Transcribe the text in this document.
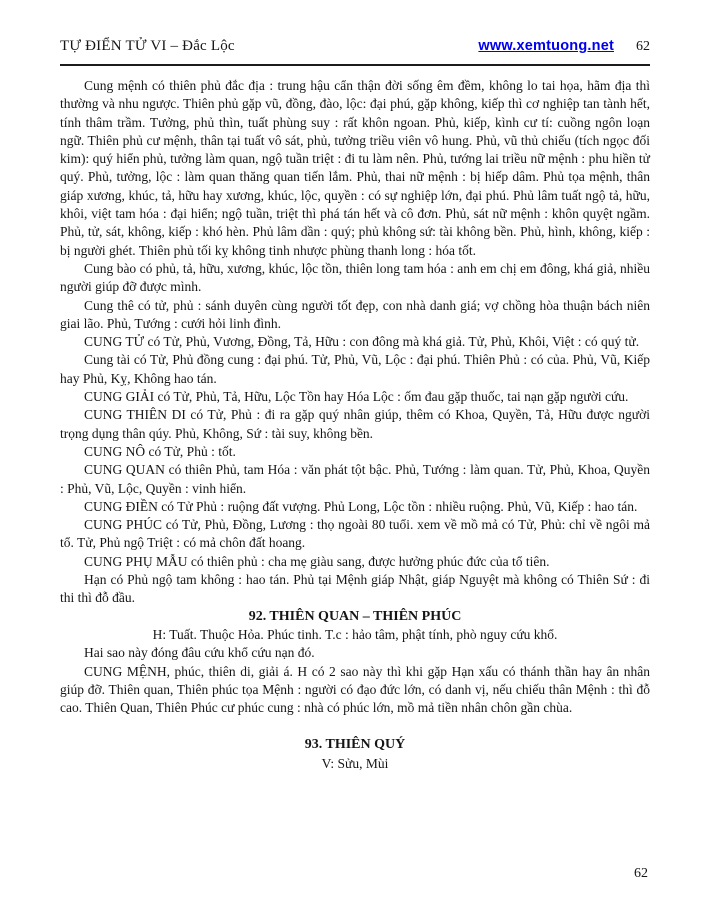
TỰ ĐIỂN TỬ VI – Đắc Lộc	www.xemtuong.net 62

Cung mệnh có thiên phủ đắc địa : trung hậu cẩn thận đời sống êm đềm, không lo tai họa, hãm địa thì thường và nhu ngược. Thiên phủ gặp vũ, đồng, đào, lộc: đại phú, gặp không, kiếp thì cơ nghiệp tan tành hết, tính thâm trầm. Tưởng, phủ thìn, tuất phùng suy : rất khôn ngoan. Phủ, kiếp, kình cư tí: cuồng ngôn loạn ngữ. Thiên phủ cư mệnh, thân tại tuất vô sát, phủ, tưởng triều viên vô hung. Phủ, vũ thủ chiếu (tích ngọc đối kim): quý hiển phủ, tưởng làm quan, ngộ tuần triệt : đi tu làm nên. Phủ, tướng lai triều nữ mệnh : phu hiền tử quý. Phủ, tưởng, lộc : làm quan thăng quan tiến lắm. Phủ, thai nữ mệnh : bị hiếp dâm. Phủ tọa mệnh, thân giáp xương, khúc, tả, hữu hay xương, khúc, lộc, quyền : có sự nghiệp lớn, đại phú. Phủ lâm tuất ngộ tả, hữu, khôi, việt tam hóa : đại hiển; ngộ tuần, triệt thì phá tán hết và cô đơn. Phủ, sát nữ mệnh : khôn quyệt ngầm. Phủ, tử, sát, không, kiếp : khó hèn. Phủ lâm dần : quý; phủ không sứ: tài không bền. Phủ, hình, không, kiếp : bị người ghét. Thiên phủ tối kỵ không tinh nhược phùng thanh long : hóa tốt.

Cung bào có phủ, tả, hữu, xương, khúc, lộc tồn, thiên long tam hóa : anh em chị em đông, khá giả, nhiều người giúp đỡ được mình.

Cung thê có tử, phủ : sánh duyên cùng người tốt đẹp, con nhà danh giá; vợ chồng hòa thuận bách niên giai lão. Phủ, Tướng : cưới hỏi linh đình.

CUNG TỬ có Tử, Phủ, Vương, Đồng, Tả, Hữu : con đông mà khá giả. Tử, Phủ, Khôi, Việt : có quý tử.

Cung tài có Tử, Phủ đồng cung : đại phú. Tử, Phủ, Vũ, Lộc : đại phú. Thiên Phủ : có của. Phủ, Vũ, Kiếp hay Phủ, Kỵ, Không hao tán.

CUNG GIẢI có Tử, Phủ, Tả, Hữu, Lộc Tồn hay Hóa Lộc : ốm đau gặp thuốc, tai nạn gặp người cứu.

CUNG THIÊN DI có Tử, Phủ : đi ra gặp quý nhân giúp, thêm có Khoa, Quyền, Tả, Hữu được người trọng dụng thân qúy. Phủ, Không, Sứ : tài suy, không bền.

CUNG NÔ có Tử, Phủ : tốt.

CUNG QUAN có thiên Phủ, tam Hóa : văn phát tột bậc. Phủ, Tướng : làm quan. Tử, Phủ, Khoa, Quyền : Phủ, Vũ, Lộc, Quyền : vinh hiển.

CUNG ĐIỀN có Tử Phủ : ruộng đất vượng. Phủ Long, Lộc tồn : nhiều ruộng. Phủ, Vũ, Kiếp : hao tán.

CUNG PHÚC có Tử, Phủ, Đồng, Lương : thọ ngoài 80 tuổi. xem về mồ mả có Tử, Phủ: chỉ về ngôi mả tổ. Tử, Phủ ngộ Triệt : có mả chôn đất hoang.

CUNG PHỤ MẪU có thiên phủ : cha mẹ giàu sang, được hưởng phúc đức của tổ tiên.

Hạn có Phủ ngộ tam không : hao tán. Phủ tại Mệnh giáp Nhật, giáp Nguyệt mà không có Thiên Sứ : đi thi thì đỗ đầu.

92. THIÊN QUAN – THIÊN PHÚC

H: Tuất. Thuộc Hỏa. Phúc tinh. T.c : hảo tâm, phật tính, phò nguy cứu khổ.

Hai sao này đóng đâu cứu khổ cứu nạn đó.

CUNG MỆNH, phúc, thiên di, giải á. H có 2 sao này thì khi gặp Hạn xấu có thánh thần hay ân nhân giúp đỡ. Thiên quan, Thiên phúc tọa Mệnh : người có đạo đức lớn, có danh vị, nếu chiếu thân Mệnh : thì đỗ cao. Thiên Quan, Thiên Phúc cư phúc cung : nhà có phúc lớn, mồ mả tiền nhân chôn gần chùa.

93. THIÊN QUÝ

V: Sửu, Mùi

62
